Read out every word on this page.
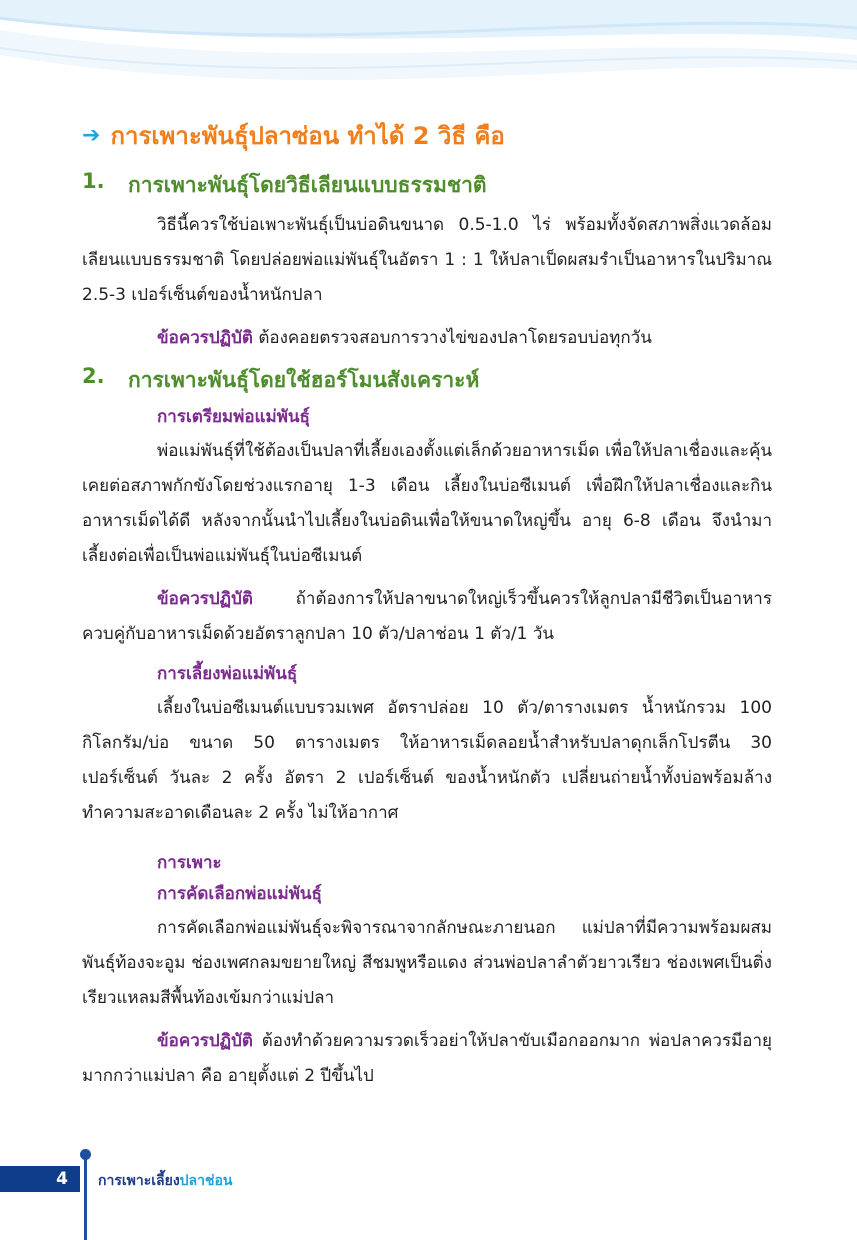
➔ การเพาะพันธุ์ปลาซ่อน ทำได้ 2 วิธี คือ
1.	การเพาะพันธุ์โดยวิธีเลียนแบบธรรมชาติ

วิธีนี้ควรใช้บ่อเพาะพันธุ์เป็นบ่อดินขนาด 0.5-1.0 ไร่ พร้อมทั้งจัดสภาพสิ่งแวดล้อมเลียนแบบธรรมชาติ โดยปล่อยพ่อแม่พันธุ์ในอัตรา 1 : 1 ให้ปลาเป็ดผสมรำเป็นอาหารในปริมาณ 2.5-3 เปอร์เซ็นต์ของน้ำหนักปลา

ข้อควรปฏิบัติ ต้องคอยตรวจสอบการวางไข่ของปลาโดยรอบบ่อทุกวัน

2.	การเพาะพันธุ์โดยใช้ฮอร์โมนสังเคราะห์
การเตรียมพ่อแม่พันธุ์

พ่อแม่พันธุ์ที่ใช้ต้องเป็นปลาที่เลี้ยงเองตั้งแต่เล็กด้วยอาหารเม็ด เพื่อให้ปลาเชื่องและคุ้นเคยต่อสภาพกักขังโดยช่วงแรกอายุ 1-3 เดือน เลี้ยงในบ่อซีเมนต์ เพื่อฝึกให้ปลาเชื่องและกินอาหารเม็ดได้ดี หลังจากนั้นนำไปเลี้ยงในบ่อดินเพื่อให้ขนาดใหญ่ขึ้น อายุ 6-8 เดือน จึงนำมาเลี้ยงต่อเพื่อเป็นพ่อแม่พันธุ์ในบ่อซีเมนต์

ข้อควรปฏิบัติ ถ้าต้องการให้ปลาขนาดใหญ่เร็วขึ้นควรให้ลูกปลามีชีวิตเป็นอาหารควบคู่กับอาหารเม็ดด้วยอัตราลูกปลา 10 ตัว/ปลาช่อน 1 ตัว/1 วัน

การเลี้ยงพ่อแม่พันธุ์

เลี้ยงในบ่อซีเมนต์แบบรวมเพศ อัตราปล่อย 10 ตัว/ตารางเมตร น้ำหนักรวม 100 กิโลกรัม/บ่อ ขนาด 50 ตารางเมตร ให้อาหารเม็ดลอยน้ำสำหรับปลาดุกเล็กโปรตีน 30 เปอร์เซ็นต์ วันละ 2 ครั้ง อัตรา 2 เปอร์เซ็นต์ ของน้ำหนักตัว เปลี่ยนถ่ายน้ำทั้งบ่อพร้อมล้างทำความสะอาดเดือนละ 2 ครั้ง ไม่ให้อากาศ

การเพาะ
การคัดเลือกพ่อแม่พันธุ์

การคัดเลือกพ่อแม่พันธุ์จะพิจารณาจากลักษณะภายนอก แม่ปลาที่มีความพร้อมผสมพันธุ์ท้องจะอูม ช่องเพศกลมขยายใหญ่ สีชมพูหรือแดง ส่วนพ่อปลาลำตัวยาวเรียว ช่องเพศเป็นติ่งเรียวแหลมสีพื้นท้องเข้มกว่าแม่ปลา

ข้อควรปฏิบัติ ต้องทำด้วยความรวดเร็วอย่าให้ปลาขับเมือกออกมาก พ่อปลาควรมีอายุมากกว่าแม่ปลา คือ อายุตั้งแต่ 2 ปีขึ้นไป

4	การเพาะเลี้ยงปลาช่อน
